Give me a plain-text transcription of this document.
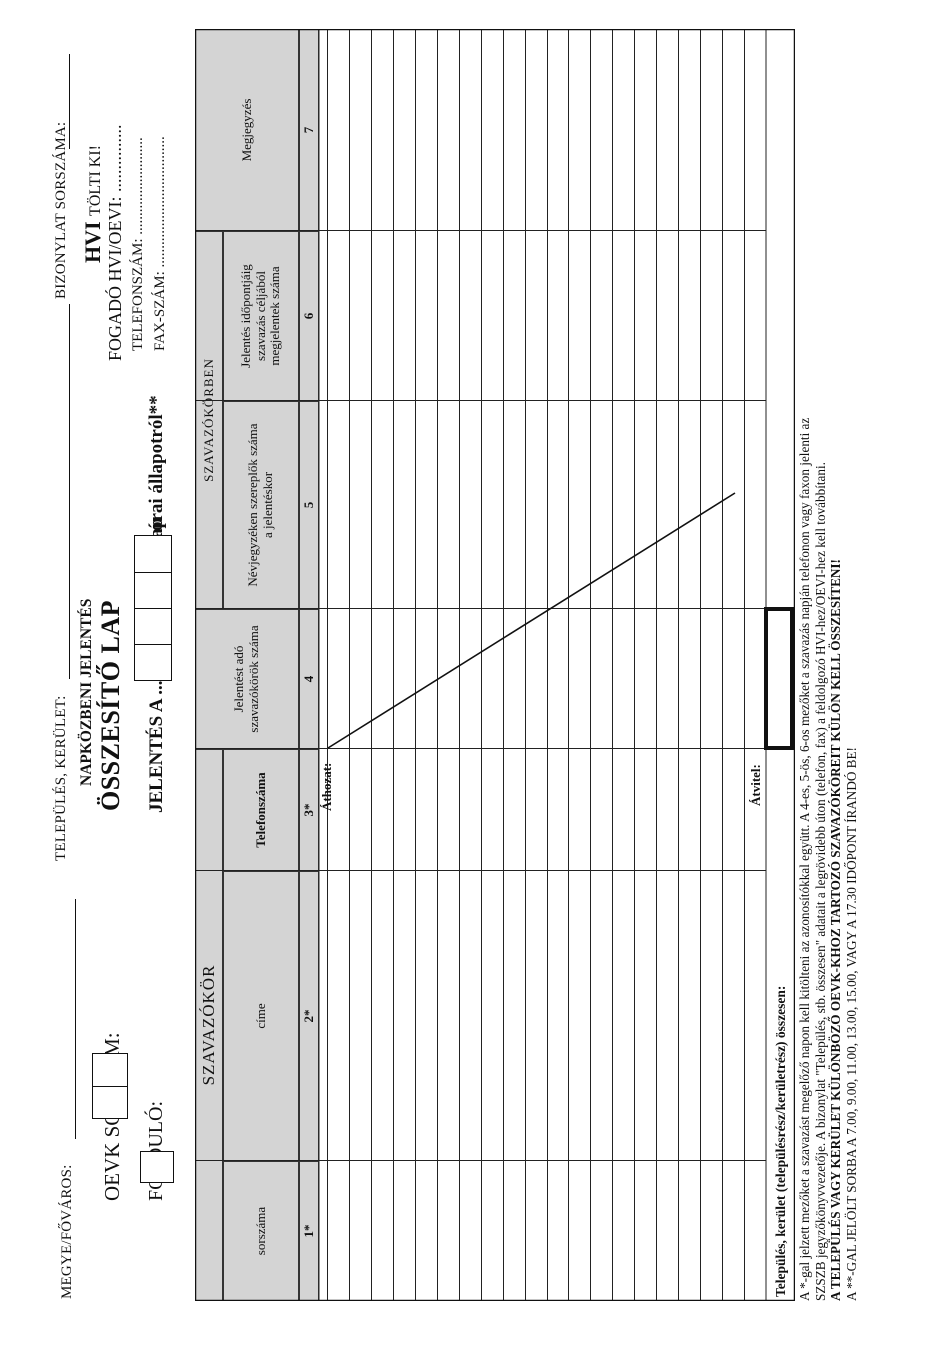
MEGYE/FŐVÁROS:
TELEPÜLÉS, KERÜLET:
BIZONYLAT SORSZÁMA:
NAPKÖZBENI JELENTÉS ÖSSZESÍTŐ LAP
HVI TÖLTI KI! FOGADÓ HVI/OEVI: ............... TELEFONSZÁM: .......................... FAX-SZÁM: ...................................
órai állapotról**
SZAVAZÓKÖR
sorszáma
címe
Telefonszáma
Jelentést adó szavazókörök száma
SZAVAZÓKÖRBEN
Névjegyzéken szereplők száma a jelentéskor
Jelentés időpontjáig szavazás céljából megjelentek száma
Megjegyzés
1*
2*
3*
4
5
6
7
Áthozat:	Átvitel:
Település, kerület (településrész/kerületrész) összesen: A *-gal jelzett mezőket a szavazást megelőző napon kell kitölteni az azonosítókkal együtt. A 4-es, 5-ös, 6-os mezőket a szavazás napján telefonon vagy faxon jelenti az SZSZB jegyzőkönyvvezetője. A bizonylat "Település, stb. összesen" adatait a legrövidebb úton (telefon, fax) a feldolgozó HVI-hez/OEVI-hez kell továbbítani. A TELEPÜLÉS VAGY KERÜLET KÜLÖNBÖZŐ OEVK-KHOZ TARTOZÓ SZAVAZÓKÖREIT KÜLÖN KELL ÖSSZESÍTENI! A **-GAL JELÖLT SORBA A 7.00, 9.00, 11.00, 13.00, 15.00, VAGY A 17.30 IDŐPONT ÍRANDÓ BE!
